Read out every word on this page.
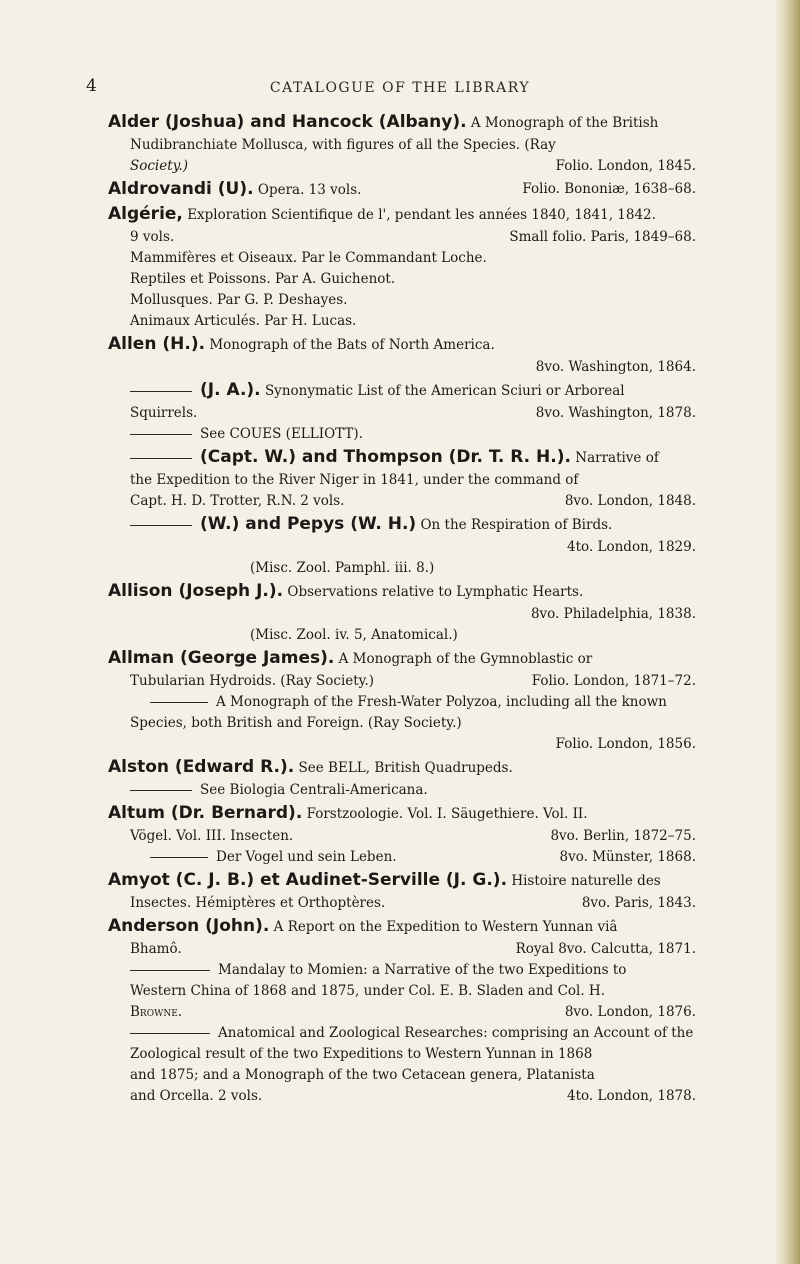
4	CATALOGUE OF THE LIBRARY
Alder (Joshua) and Hancock (Albany). A Monograph of the British
Nudibranchiate Mollusca, with figures of all the Species. (Ray
Society.)	Folio. London, 1845.
Aldrovandi (U). Opera. 13 vols.	Folio. Bononiæ, 1638–68.
Algérie, Exploration Scientifique de l', pendant les années 1840, 1841, 1842.
9 vols.	Small folio. Paris, 1849–68.
Mammifères et Oiseaux. Par le Commandant Loche.
Reptiles et Poissons. Par A. Guichenot.
Mollusques. Par G. P. Deshayes.
Animaux Articulés. Par H. Lucas.
Allen (H.). Monograph of the Bats of North America.
8vo. Washington, 1864.
(J. A.). Synonymatic List of the American Sciuri or Arboreal
Squirrels.	8vo. Washington, 1878.
See COUES (ELLIOTT).
(Capt. W.) and Thompson (Dr. T. R. H.). Narrative of
the Expedition to the River Niger in 1841, under the command of
Capt. H. D. Trotter, R.N. 2 vols.	8vo. London, 1848.
(W.) and Pepys (W. H.) On the Respiration of Birds.
4to. London, 1829.
(Misc. Zool. Pamphl. iii. 8.)
Allison (Joseph J.). Observations relative to Lymphatic Hearts.
8vo. Philadelphia, 1838.
(Misc. Zool. iv. 5, Anatomical.)
Allman (George James). A Monograph of the Gymnoblastic or
Tubularian Hydroids. (Ray Society.)	Folio. London, 1871–72.
A Monograph of the Fresh-Water Polyzoa, including all the known
Species, both British and Foreign. (Ray Society.)
Folio. London, 1856.
Alston (Edward R.). See BELL, British Quadrupeds.
See Biologia Centrali-Americana.
Altum (Dr. Bernard). Forstzoologie. Vol. I. Säugethiere. Vol. II.
Vögel. Vol. III. Insecten.	8vo. Berlin, 1872–75.
Der Vogel und sein Leben.	8vo. Münster, 1868.
Amyot (C. J. B.) et Audinet-Serville (J. G.). Histoire naturelle des
Insectes. Hémiptères et Orthoptères.	8vo. Paris, 1843.
Anderson (John). A Report on the Expedition to Western Yunnan viâ
Bhamô.	Royal 8vo. Calcutta, 1871.
Mandalay to Momien: a Narrative of the two Expeditions to
Western China of 1868 and 1875, under Col. E. B. Sladen and Col. H.
Browne.	8vo. London, 1876.
Anatomical and Zoological Researches: comprising an Account of the
Zoological result of the two Expeditions to Western Yunnan in 1868
and 1875; and a Monograph of the two Cetacean genera, Platanista
and Orcella. 2 vols.	4to. London, 1878.
